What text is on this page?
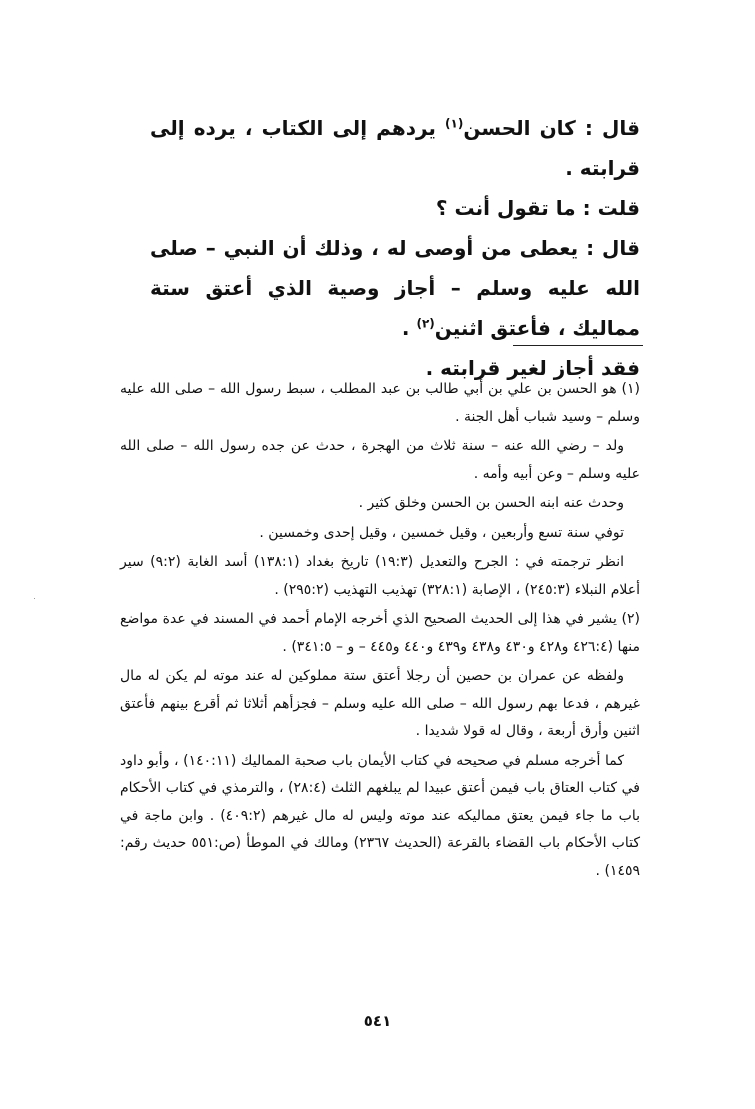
قال : كان الحسن$^{(١)}$ يردهم إلى الكتاب ، يرده إلى قرابته .

قلت : ما تقول أنت ؟

قال : يعطى من أوصى له ، وذلك أن النبي – صلى الله عليه وسلم – أجاز وصية الذي أعتق ستة مماليك ، فأعتق اثنين$^{(٢)}$ .

فقد أجاز لغير قرابته .

(١) هو الحسن بن علي بن أبي طالب بن عبد المطلب ، سبط رسول الله – صلى الله عليه وسلم – وسيد شباب أهل الجنة .

ولد – رضي الله عنه – سنة ثلاث من الهجرة ، حدث عن جده رسول الله – صلى الله عليه وسلم – وعن أبيه وأمه .

وحدث عنه ابنه الحسن بن الحسن وخلق كثير .

توفي سنة تسع وأربعين ، وقيل خمسين ، وقيل إحدى وخمسين .

انظر ترجمته في : الجرح والتعديل (١٩:٣) تاريخ بغداد (١٣٨:١) أسد الغابة (٩:٢) سير أعلام النبلاء (٢٤٥:٣) ، الإصابة (٣٢٨:١) تهذيب التهذيب (٢٩٥:٢) .

(٢) يشير في هذا إلى الحديث الصحيح الذي أخرجه الإمام أحمد في المسند في عدة مواضع منها (٤٢٦:٤ و٤٢٨ و٤٣٠ و٤٣٨ و٤٣٩ و٤٤٠ و٤٤٥ – و – ٣٤١:٥) .

ولفظه عن عمران بن حصين أن رجلا أعتق ستة مملوكين له عند موته لم يكن له مال غيرهم ، فدعا بهم رسول الله – صلى الله عليه وسلم – فجزأهم أثلاثا ثم أقرع بينهم فأعتق اثنين وأرق أربعة ، وقال له قولا شديدا .

كما أخرجه مسلم في صحيحه في كتاب الأيمان باب صحبة المماليك (١٤٠:١١) ، وأبو داود في كتاب العتاق باب فيمن أعتق عبيدا لم يبلغهم الثلث (٢٨:٤) ، والترمذي في كتاب الأحكام باب ما جاء فيمن يعتق مماليكه عند موته وليس له مال غيرهم (٤٠٩:٢) . وابن ماجة في كتاب الأحكام باب القضاء بالقرعة (الحديث ٢٣٦٧) ومالك في الموطأ (ص:٥٥١ حديث رقم: ١٤٥٩) .

٥٤١
